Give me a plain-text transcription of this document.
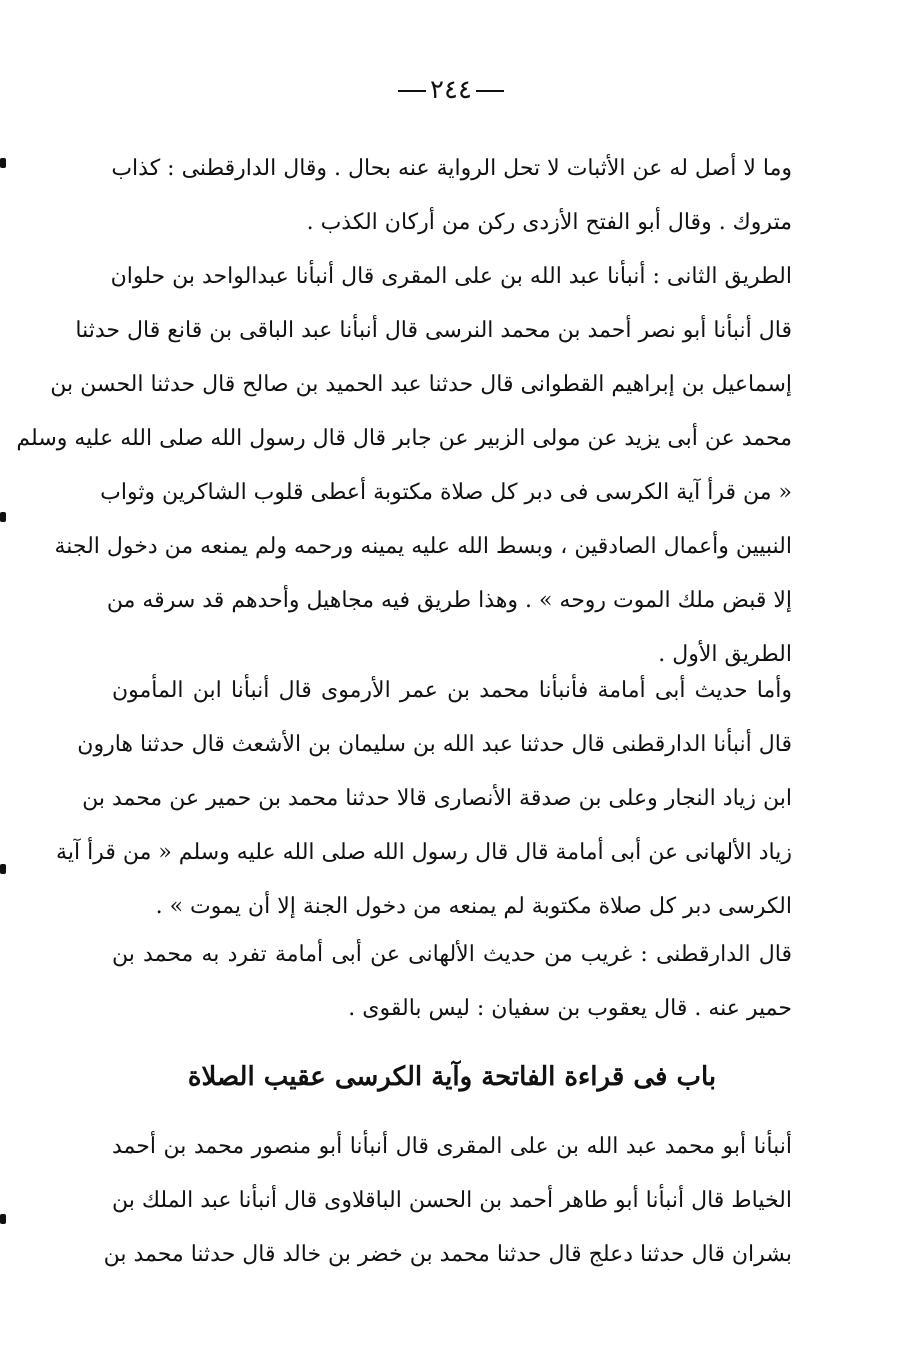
٢٤٤
وما لا أصل له عن الأثبات لا تحل الرواية عنه بحال . وقال الدارقطنى : كذاب
متروك . وقال أبو الفتح الأزدى ركن من أركان الكذب .
الطريق الثانى : أنبأنا عبد الله بن على المقرى قال أنبأنا عبدالواحد بن حلوان
قال أنبأنا أبو نصر أحمد بن محمد النرسى قال أنبأنا عبد الباقى بن قانع قال حدثنا
إسماعيل بن إبراهيم القطوانى قال حدثنا عبد الحميد بن صالح قال حدثنا الحسن بن
محمد عن أبى يزيد عن مولى الزبير عن جابر قال قال رسول الله صلى الله عليه وسلم
« من قرأ آية الكرسى فى دبر كل صلاة مكتوبة أعطى قلوب الشاكرين وثواب
النبيين وأعمال الصادقين ، وبسط الله عليه يمينه ورحمه ولم يمنعه من دخول الجنة
إلا قبض ملك الموت روحه » . وهذا طريق فيه مجاهيل وأحدهم قد سرقه من
الطريق الأول .
وأما حديث أبى أمامة فأنبأنا محمد بن عمر الأرموى قال أنبأنا ابن المأمون
قال أنبأنا الدارقطنى قال حدثنا عبد الله بن سليمان بن الأشعث قال حدثنا هارون
ابن زياد النجار وعلى بن صدقة الأنصارى قالا حدثنا محمد بن حمير عن محمد بن
زياد الألهانى عن أبى أمامة قال قال رسول الله صلى الله عليه وسلم « من قرأ آية
الكرسى دبر كل صلاة مكتوبة لم يمنعه من دخول الجنة إلا أن يموت » .
قال الدارقطنى : غريب من حديث الألهانى عن أبى أمامة تفرد به محمد بن
حمير عنه . قال يعقوب بن سفيان : ليس بالقوى .
باب فى قراءة الفاتحة وآية الكرسى عقيب الصلاة
أنبأنا أبو محمد عبد الله بن على المقرى قال أنبأنا أبو منصور محمد بن أحمد
الخياط قال أنبأنا أبو طاهر أحمد بن الحسن الباقلاوى قال أنبأنا عبد الملك بن
بشران قال حدثنا دعلج قال حدثنا محمد بن خضر بن خالد قال حدثنا محمد بن
